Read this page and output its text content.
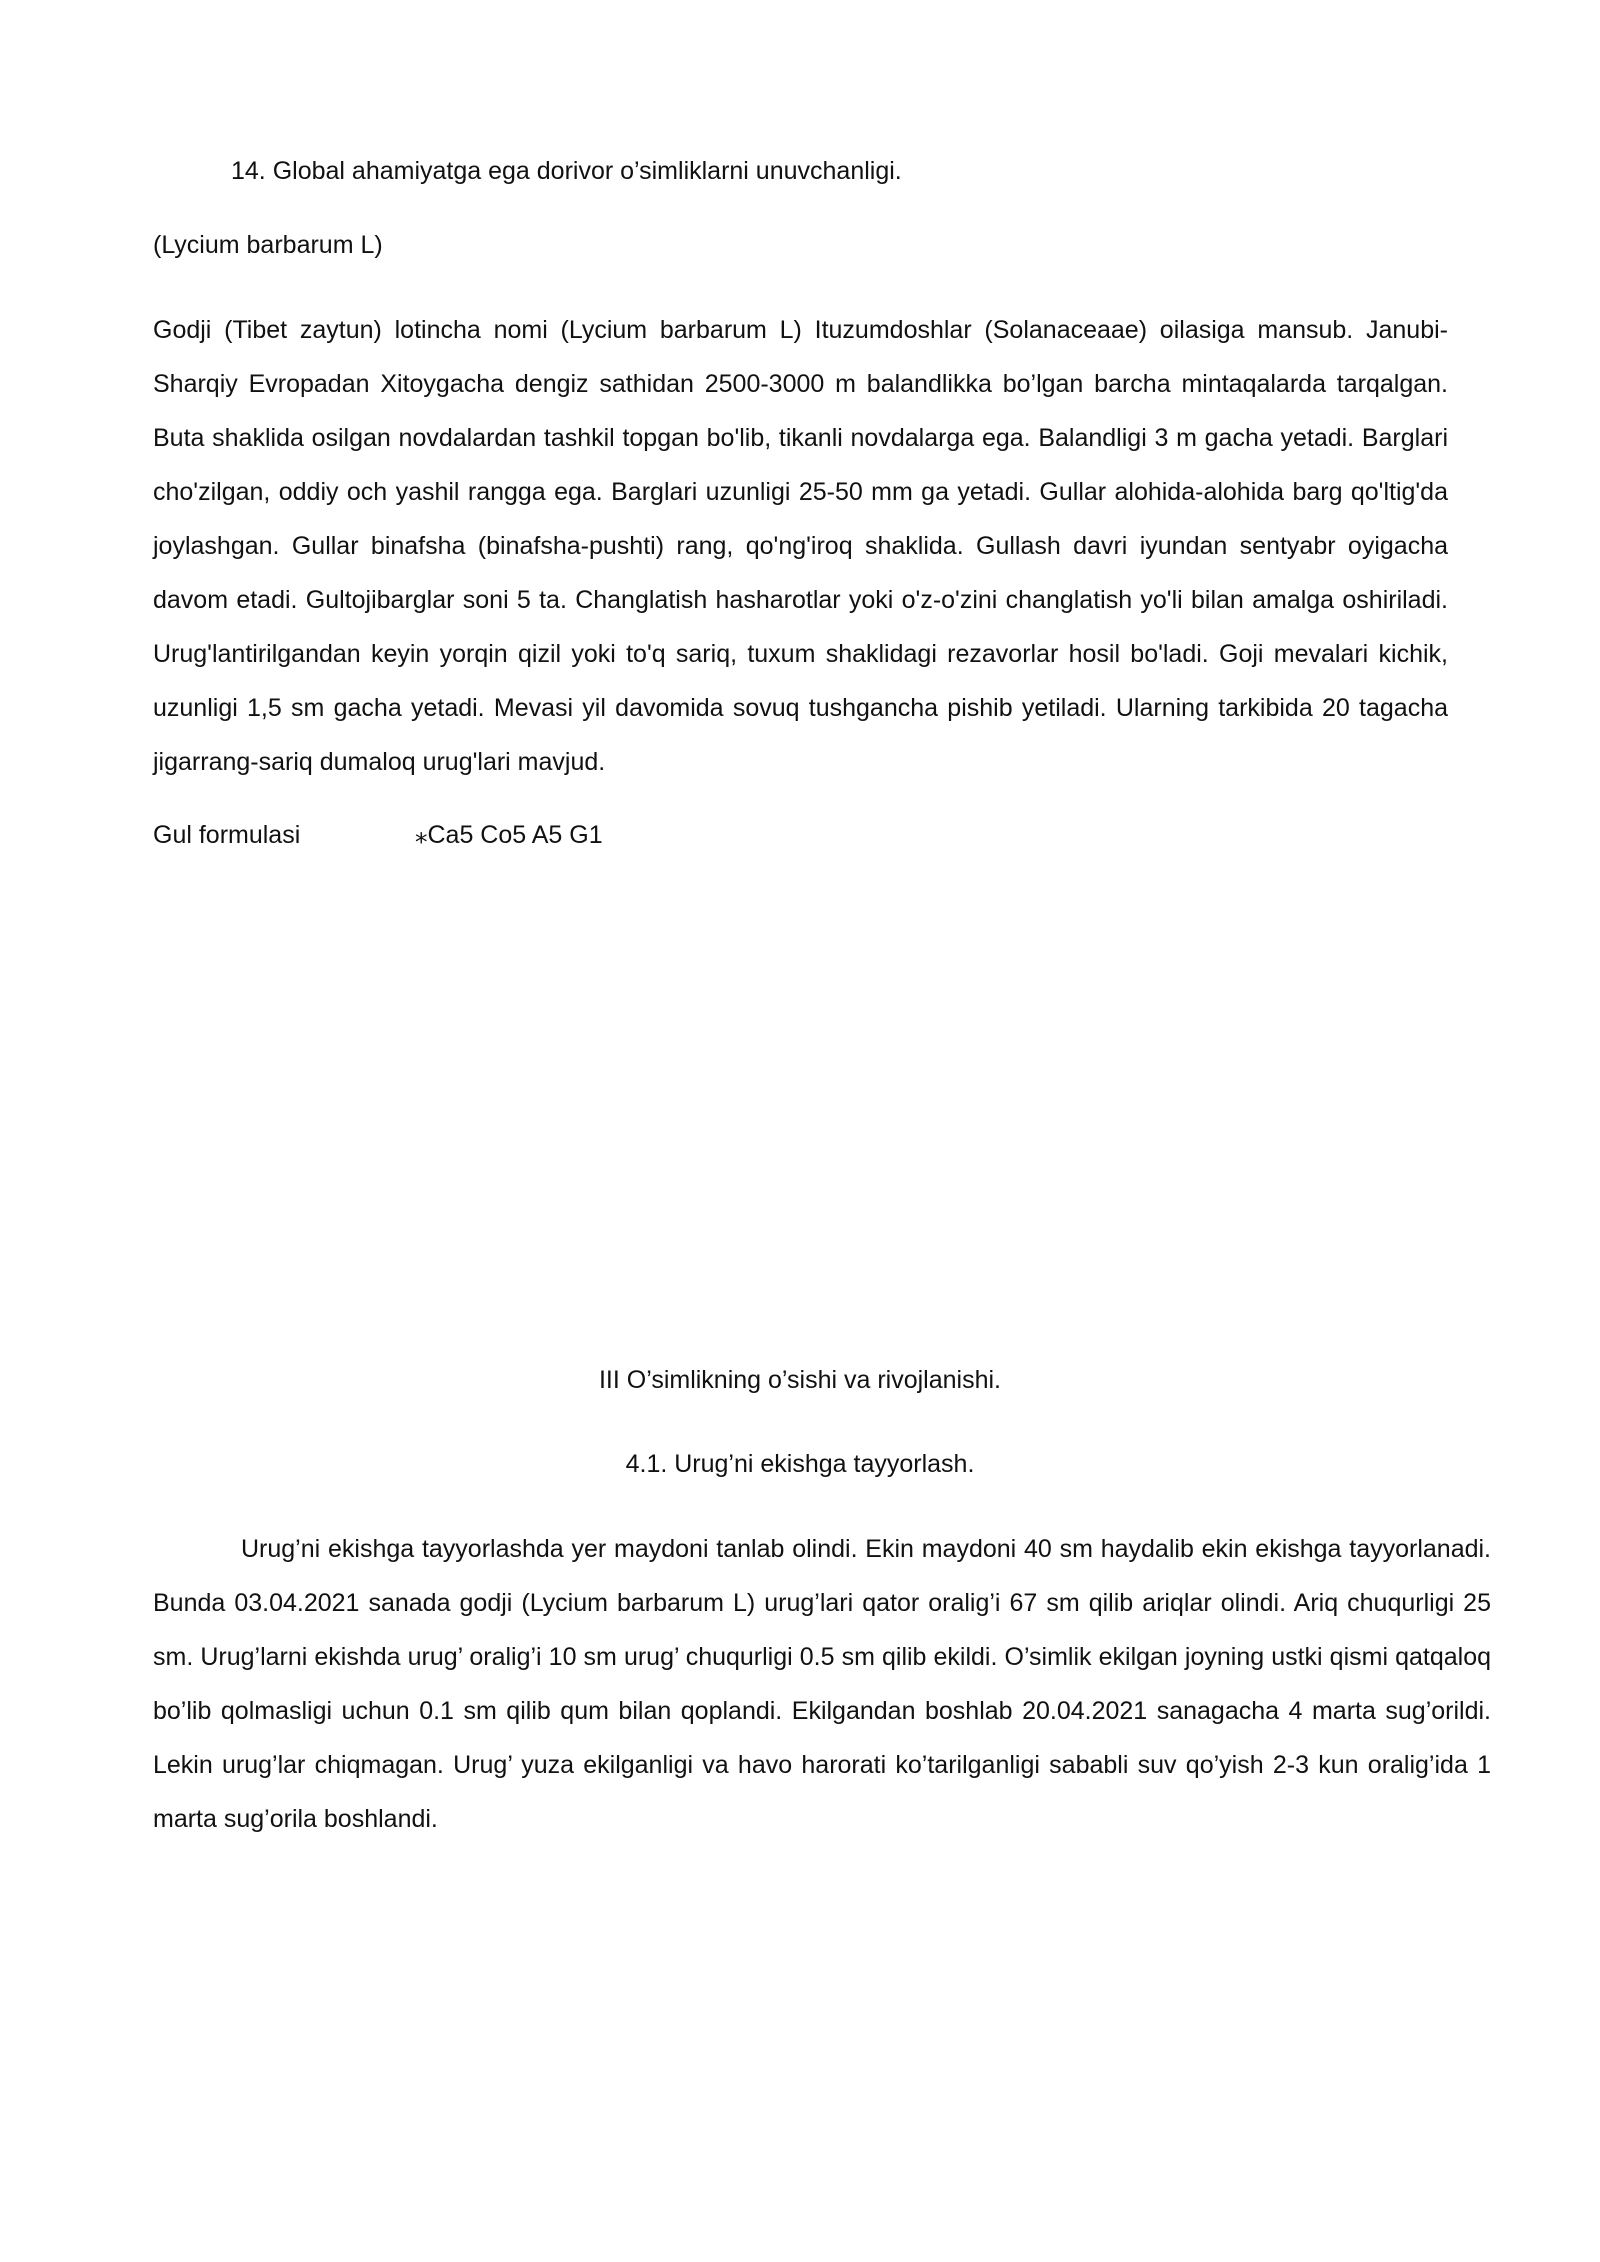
14. Global ahamiyatga ega dorivor o’simliklarni unuvchanligi.

(Lycium barbarum L)

Godji (Tibet zaytun) lotincha nomi (Lycium barbarum L) Ituzumdoshlar (Solanaceaae) oilasiga mansub. Janubi-Sharqiy Evropadan Xitoygacha dengiz sathidan 2500-3000 m balandlikka bo’lgan barcha mintaqalarda tarqalgan. Buta shaklida osilgan novdalardan tashkil topgan bo'lib, tikanli novdalarga ega. Balandligi 3 m gacha yetadi. Barglari cho'zilgan, oddiy och yashil rangga ega. Barglari uzunligi 25-50 mm ga yetadi. Gullar alohida-alohida barg qo'ltig'da joylashgan. Gullar binafsha (binafsha-pushti) rang, qo'ng'iroq shaklida. Gullash davri iyundan sentyabr oyigacha davom etadi. Gultojibarglar soni 5 ta. Changlatish hasharotlar yoki o'z-o'zini changlatish yo'li bilan amalga oshiriladi. Urug'lantirilgandan keyin yorqin qizil yoki to'q sariq, tuxum shaklidagi rezavorlar hosil bo'ladi. Goji mevalari kichik, uzunligi 1,5 sm gacha yetadi. Mevasi yil davomida sovuq tushgancha pishib yetiladi. Ularning tarkibida 20 tagacha jigarrang-sariq dumaloq urug'lari mavjud.

Gul formulasi	⁎Ca5 Co5 A5 G1

III O’simlikning o’sishi va rivojlanishi.

4.1. Urug’ni ekishga tayyorlash.

Urug’ni ekishga tayyorlashda yer maydoni tanlab olindi. Ekin maydoni 40 sm haydalib ekin ekishga tayyorlanadi. Bunda 03.04.2021 sanada godji (Lycium barbarum L) urug’lari qator oralig’i 67 sm qilib ariqlar olindi. Ariq chuqurligi 25 sm. Urug’larni ekishda urug’ oralig’i 10 sm urug’ chuqurligi 0.5 sm qilib ekildi. O’simlik ekilgan joyning ustki qismi qatqaloq bo’lib qolmasligi uchun 0.1 sm qilib qum bilan qoplandi. Ekilgandan boshlab 20.04.2021 sanagacha 4 marta sug’orildi. Lekin urug’lar chiqmagan. Urug’ yuza ekilganligi va havo harorati ko’tarilganligi sababli suv qo’yish 2-3 kun oralig’ida 1 marta sug’orila boshlandi.
